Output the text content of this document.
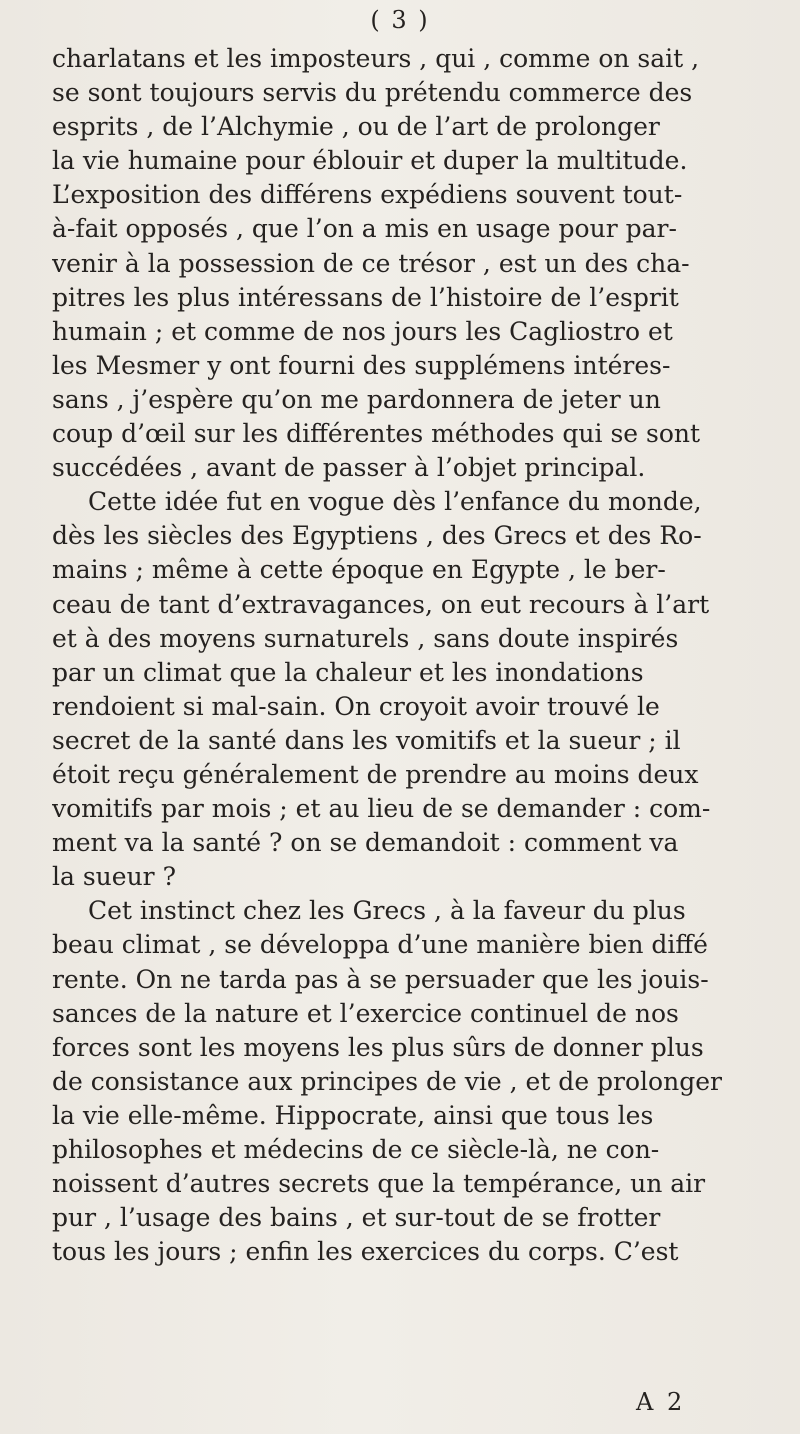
( 3 )
charlatans et les imposteurs , qui , comme on sait ,
se sont toujours servis du prétendu commerce des
esprits , de l’Alchymie , ou de l’art de prolonger
la vie humaine pour éblouir et duper la multitude.
L’exposition des différens expédiens souvent tout-
à-fait opposés , que l’on a mis en usage pour par-
venir à la possession de ce trésor , est un des cha-
pitres les plus intéressans de l’histoire de l’esprit
humain ; et comme de nos jours les Cagliostro et
les Mesmer y ont fourni des supplémens intéres-
sans , j’espère qu’on me pardonnera de jeter un
coup d’œil sur les différentes méthodes qui se sont
succédées , avant de passer à l’objet principal.
Cette idée fut en vogue dès l’enfance du monde,
dès les siècles des Egyptiens , des Grecs et des Ro-
mains ; même à cette époque en Egypte , le ber-
ceau de tant d’extravagances, on eut recours à l’art
et à des moyens surnaturels , sans doute inspirés
par un climat que la chaleur et les inondations
rendoient si mal-sain. On croyoit avoir trouvé le
secret de la santé dans les vomitifs et la sueur ; il
étoit reçu généralement de prendre au moins deux
vomitifs par mois ; et au lieu de se demander : com-
ment va la santé ? on se demandoit : comment va
la sueur ?
Cet instinct chez les Grecs , à la faveur du plus
beau climat , se développa d’une manière bien diffé
rente. On ne tarda pas à se persuader que les jouis-
sances de la nature et l’exercice continuel de nos
forces sont les moyens les plus sûrs de donner plus
de consistance aux principes de vie , et de prolonger
la vie elle-même. Hippocrate, ainsi que tous les
philosophes et médecins de ce siècle-là, ne con-
noissent d’autres secrets que la tempérance, un air
pur , l’usage des bains , et sur-tout de se frotter
tous les jours ; enfin les exercices du corps. C’est
A 2
